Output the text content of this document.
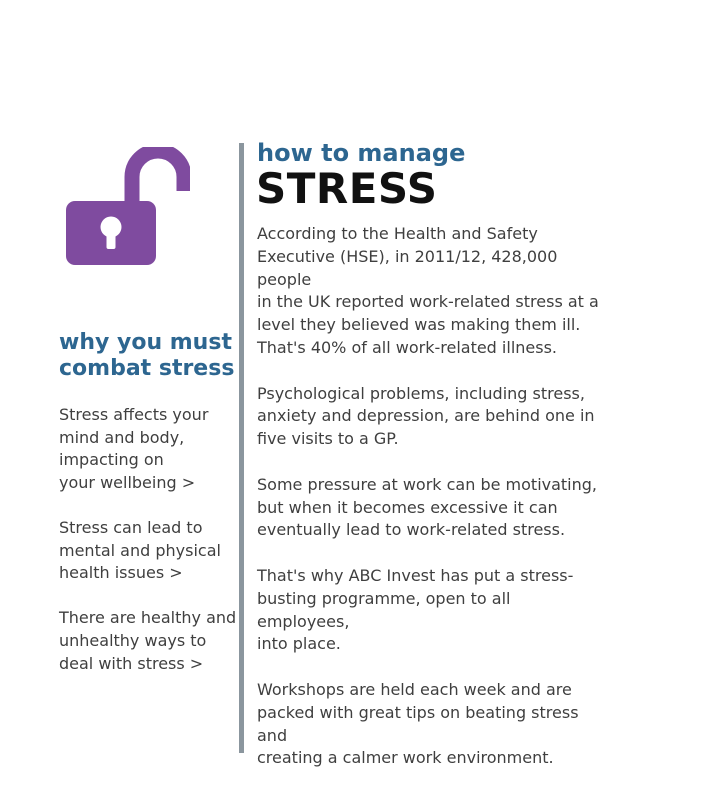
why you must
combat stress
Stress affects your
mind and body,
impacting on
your wellbeing >
Stress can lead to
mental and physical
health issues >
There are healthy and
unhealthy ways to
deal with stress >
how to manage
STRESS

According to the Health and Safety
Executive (HSE), in 2011/12, 428,000 people
in the UK reported work-related stress at a
level they believed was making them ill.
That's 40% of all work-related illness.

Psychological problems, including stress,
anxiety and depression, are behind one in
five visits to a GP.

Some pressure at work can be motivating,
but when it becomes excessive it can
eventually lead to work-related stress.

That's why ABC Invest has put a stress-
busting programme, open to all employees,
into place.

Workshops are held each week and are
packed with great tips on beating stress and
creating a calmer work environment.
